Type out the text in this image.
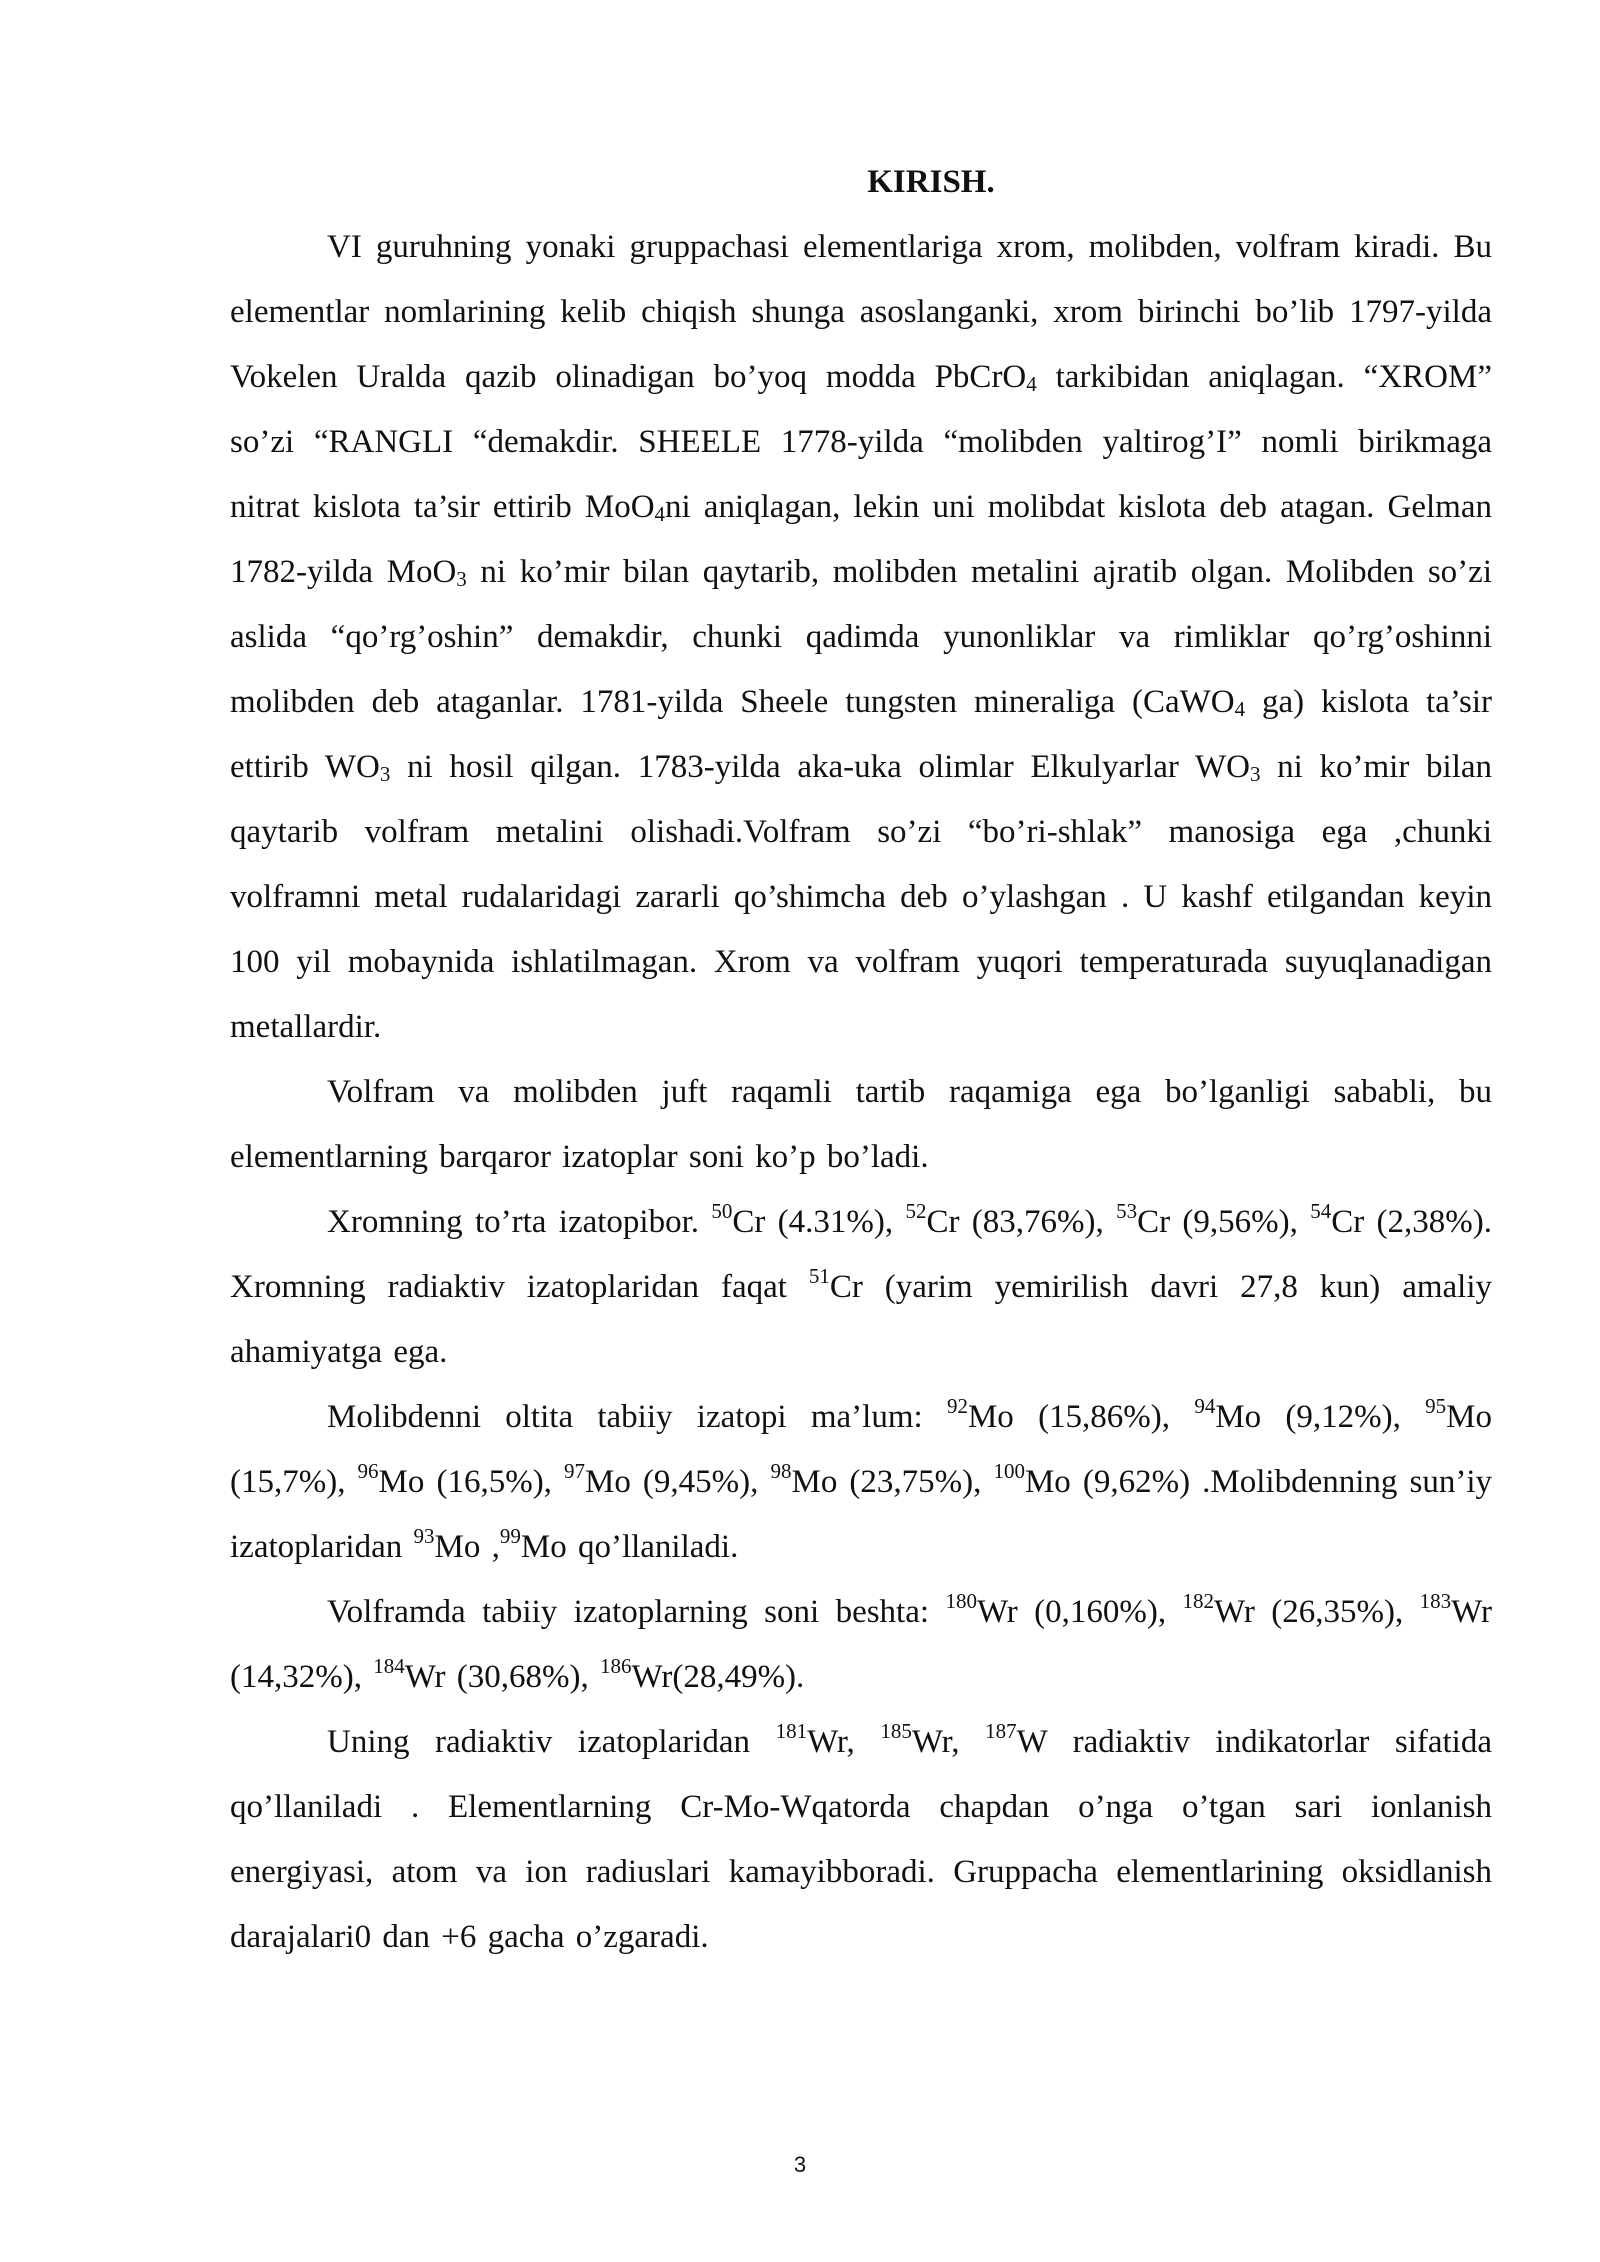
KIRISH.

VI guruhning yonaki gruppachasi elementlariga xrom, molibden, volfram kiradi. Bu elementlar nomlarining kelib chiqish shunga asoslanganki, xrom birinchi bo’lib 1797-yilda Vokelen Uralda qazib olinadigan bo’yoq modda PbCrO$_4$ tarkibidan aniqlagan. “XROM” so’zi “RANGLI “demakdir. SHEELE 1778-yilda “molibden yaltirog’I” nomli birikmaga nitrat kislota ta’sir ettirib MoO$_4$ni aniqlagan, lekin uni molibdat kislota deb atagan. Gelman 1782-yilda MoO$_3$ ni ko’mir bilan qaytarib, molibden metalini ajratib olgan. Molibden so’zi aslida “qo’rg’oshin” demakdir, chunki qadimda yunonliklar va rimliklar qo’rg’oshinni molibden deb ataganlar. 1781-yilda Sheele tungsten mineraliga (CaWO$_4$ ga) kislota ta’sir ettirib $WO_3$ ni hosil qilgan. 1783-yilda aka-uka olimlar Elkulyarlar $WO_3$ ni ko’mir bilan qaytarib volfram metalini olishadi.Volfram so’zi “bo’ri-shlak” manosiga ega ,chunki volframni metal rudalaridagi zararli qo’shimcha deb o’ylashgan . U kashf etilgandan keyin 100 yil mobaynida ishlatilmagan. Xrom va volfram yuqori temperaturada suyuqlanadigan metallardir.

Volfram va molibden juft raqamli tartib raqamiga ega bo’lganligi sababli, bu elementlarning barqaror izatoplar soni ko’p bo’ladi.

Xromning to’rta izatopibor. $^{50}$Cr (4.31%), $^{52}$Cr (83,76%), $^{53}$Cr (9,56%), $^{54}$Cr (2,38%). Xromning radiaktiv izatoplaridan faqat $^{51}$Cr (yarim yemirilish davri 27,8 kun) amaliy ahamiyatga ega.

Molibdenni oltita tabiiy izatopi ma’lum: $^{92}$Mo (15,86%), $^{94}$Mo (9,12%), $^{95}$Mo (15,7%), $^{96}$Mo (16,5%), $^{97}$Mo (9,45%), $^{98}$Mo (23,75%), $^{100}$Mo (9,62%) .Molibdenning sun’iy izatoplaridan $^{93}$Mo ,$^{99}$Mo qo’llaniladi.

Volframda tabiiy izatoplarning soni beshta: $^{180}$Wr (0,160%), $^{182}$Wr (26,35%), $^{183}$Wr (14,32%), $^{184}$Wr (30,68%), $^{186}$Wr(28,49%).

Uning radiaktiv izatoplaridan $^{181}$Wr, $^{185}$Wr, $^{187}$W radiaktiv indikatorlar sifatida qo’llaniladi . Elementlarning Cr-Mo-Wqatorda chapdan o’nga o’tgan sari ionlanish energiyasi, atom va ion radiuslari kamayibboradi. Gruppacha elementlarining oksidlanish darajalari0 dan +6 gacha o’zgaradi.

3
